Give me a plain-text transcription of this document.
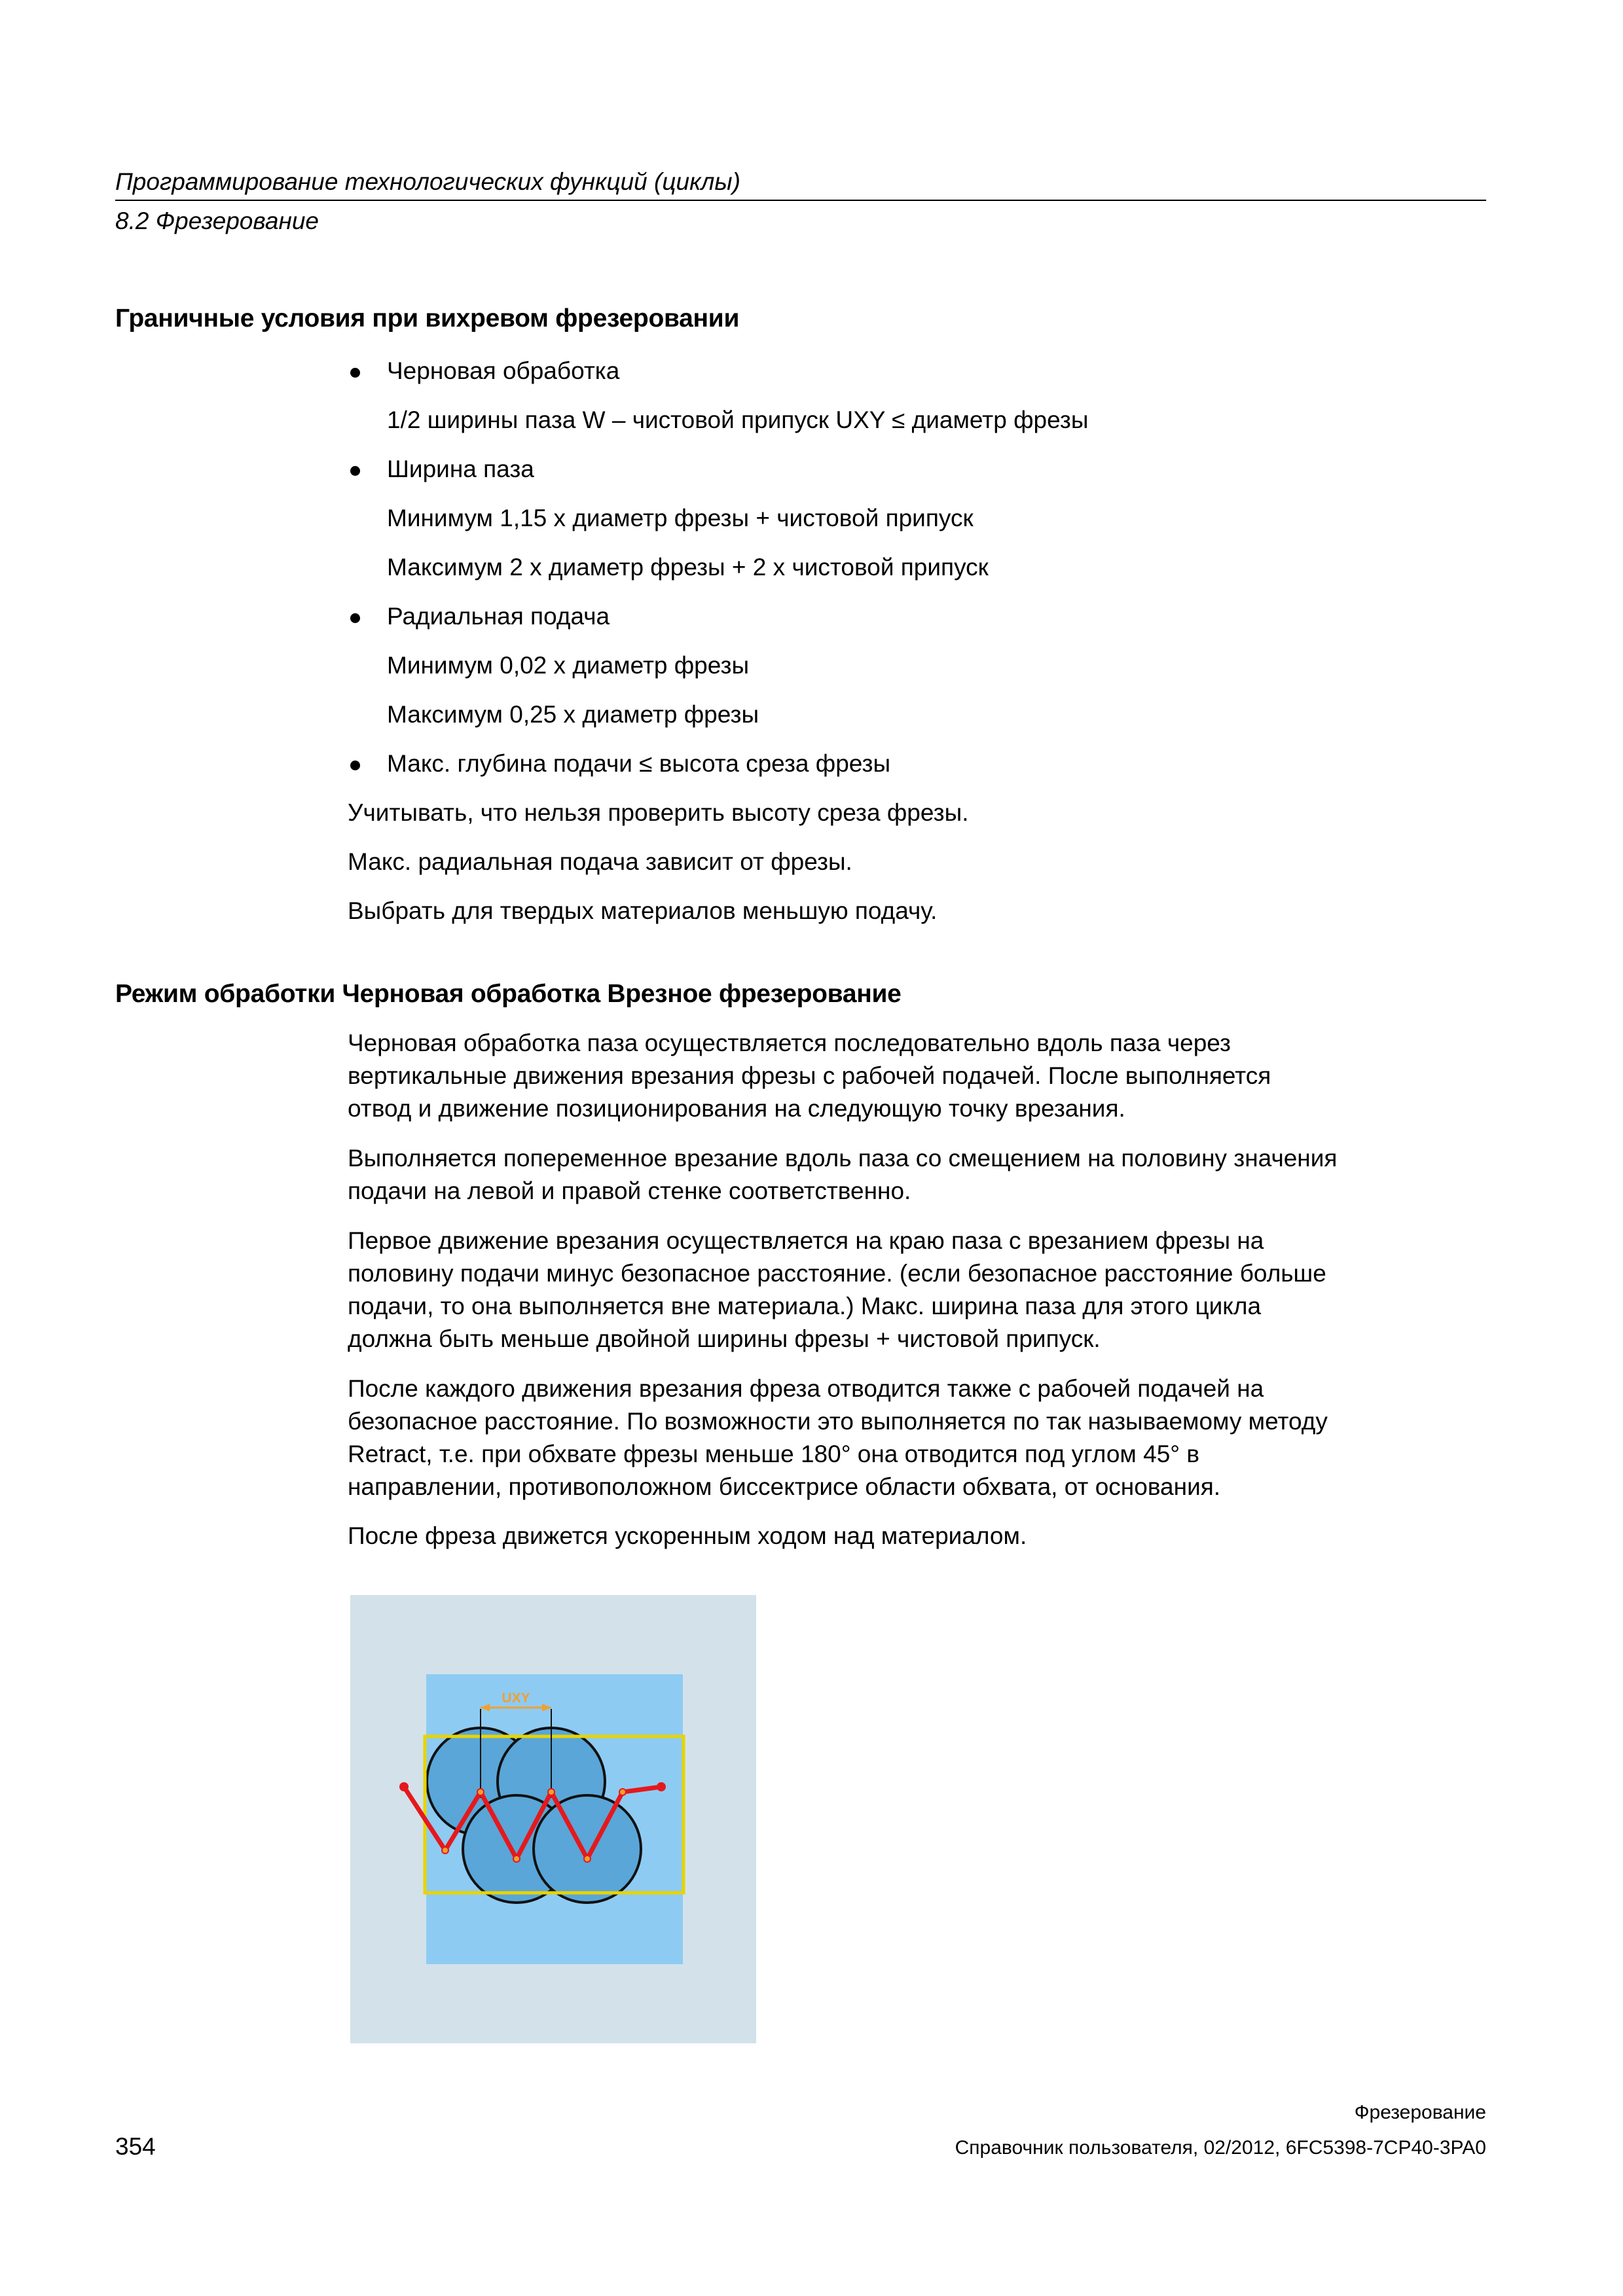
Программирование технологических функций (циклы)
8.2 Фрезерование
Граничные условия при вихревом фрезеровании
Черновая обработка
1/2 ширины паза W – чистовой припуск UXY ≤ диаметр фрезы
Ширина паза
Минимум 1,15 x диаметр фрезы + чистовой припуск
Максимум 2 x диаметр фрезы + 2 x чистовой припуск
Радиальная подача
Минимум 0,02 x диаметр фрезы
Максимум 0,25 x диаметр фрезы
Макс. глубина подачи ≤ высота среза фрезы
Учитывать, что нельзя проверить высоту среза фрезы.
Макс. радиальная подача зависит от фрезы.
Выбрать для твердых материалов меньшую подачу.
Режим обработки Черновая обработка Врезное фрезерование

Черновая обработка паза осуществляется последовательно вдоль паза через

вертикальные движения врезания фрезы с рабочей подачей. После выполняется

отвод и движение позиционирования на следующую точку врезания.

Выполняется попеременное врезание вдоль паза со смещением на половину значения

подачи на левой и правой стенке соответственно.

Первое движение врезания осуществляется на краю паза с врезанием фрезы на

половину подачи минус безопасное расстояние. (если безопасное расстояние больше

подачи, то она выполняется вне материала.) Макс. ширина паза для этого цикла

должна быть меньше двойной ширины фрезы + чистовой припуск.

После каждого движения врезания фреза отводится также с рабочей подачей на

безопасное расстояние. По возможности это выполняется по так называемому методу

Retract, т.е. при обхвате фрезы меньше 180° она отводится под углом 45° в

направлении, противоположном биссектрисе области обхвата, от основания.

После фреза движется ускоренным ходом над материалом.

UXY
Фрезерование
354	Справочник пользователя, 02/2012, 6FC5398-7CP40-3PA0
